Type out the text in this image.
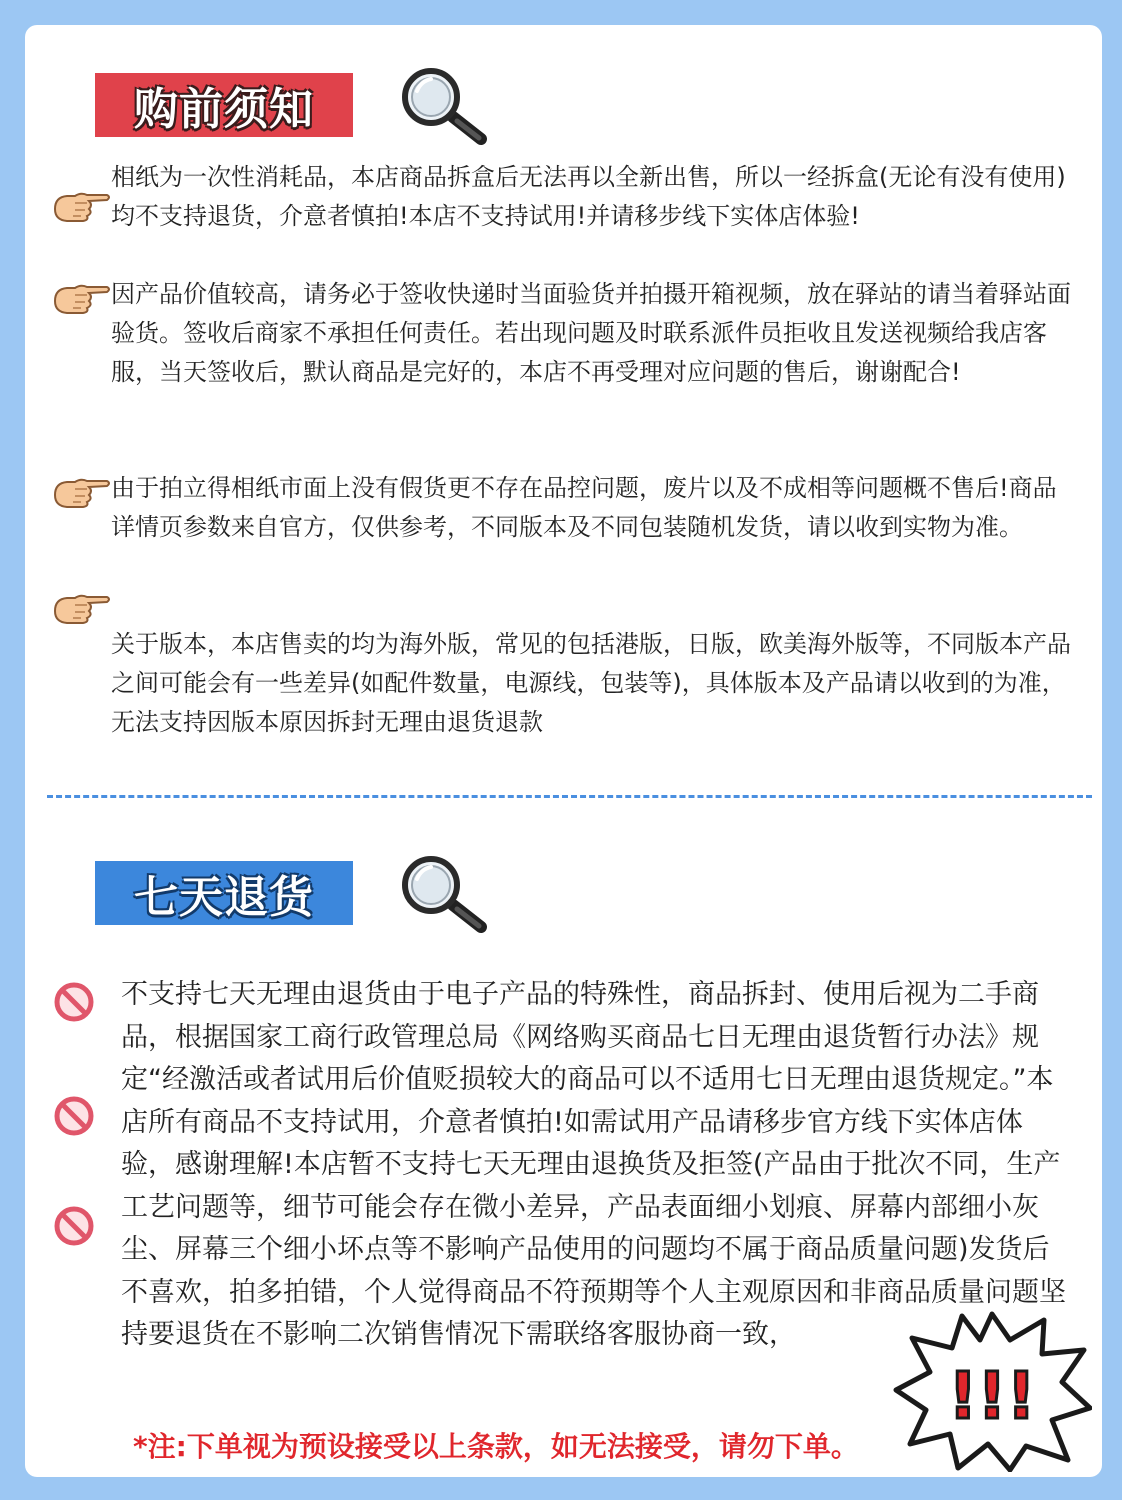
购前须知
相纸为一次性消耗品，本店商品拆盒后无法再以全新出售，所以一经拆盒(无论有没有使用)均不支持退货，介意者慎拍!本店不支持试用!并请移步线下实体店体验!
因产品价值较高，请务必于签收快递时当面验货并拍摄开箱视频，放在驿站的请当着驿站面验货。签收后商家不承担任何责任。若出现问题及时联系派件员拒收且发送视频给我店客服，当天签收后，默认商品是完好的，本店不再受理对应问题的售后，谢谢配合!
由于拍立得相纸市面上没有假货更不存在品控问题，废片以及不成相等问题概不售后!商品详情页参数来自官方，仅供参考，不同版本及不同包装随机发货，请以收到实物为准。
关于版本，本店售卖的均为海外版，常见的包括港版，日版，欧美海外版等，不同版本产品之间可能会有一些差异(如配件数量，电源线，包装等)，具体版本及产品请以收到的为准，无法支持因版本原因拆封无理由退货退款
七天退货
不支持七天无理由退货由于电子产品的特殊性，商品拆封、使用后视为二手商品，根据国家工商行政管理总局《网络购买商品七日无理由退货暂行办法》规定“经激活或者试用后价值贬损较大的商品可以不适用七日无理由退货规定。”本店所有商品不支持试用，介意者慎拍!如需试用产品请移步官方线下实体店体验，感谢理解!本店暂不支持七天无理由退换货及拒签(产品由于批次不同，生产工艺问题等，细节可能会存在微小差异，产品表面细小划痕、屏幕内部细小灰尘、屏幕三个细小坏点等不影响产品使用的问题均不属于商品质量问题)发货后不喜欢，拍多拍错，个人觉得商品不符预期等个人主观原因和非商品质量问题坚持要退货在不影响二次销售情况下需联络客服协商一致，
*注:下单视为预设接受以上条款，如无法接受，请勿下单。
!!!
